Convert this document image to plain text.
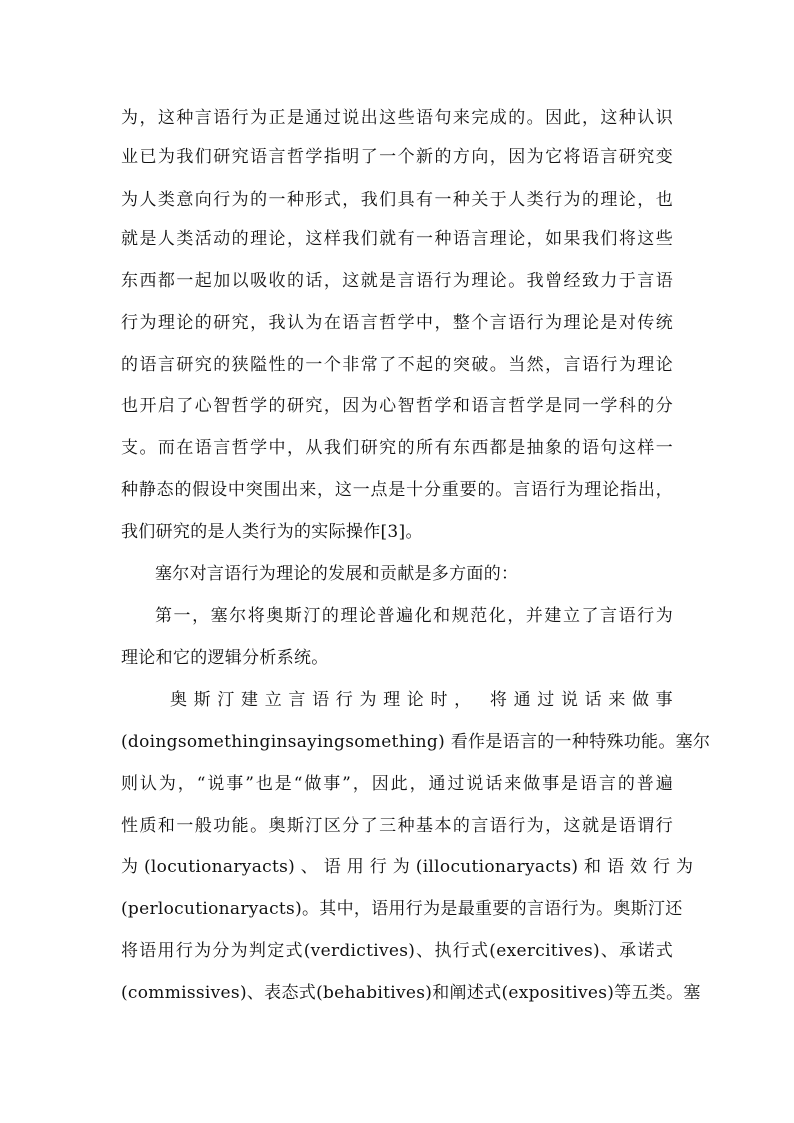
为，这种言语行为正是通过说出这些语句来完成的。因此，这种认识
业已为我们研究语言哲学指明了一个新的方向，因为它将语言研究变
为人类意向行为的一种形式，我们具有一种关于人类行为的理论，也
就是人类活动的理论，这样我们就有一种语言理论，如果我们将这些
东西都一起加以吸收的话，这就是言语行为理论。我曾经致力于言语
行为理论的研究，我认为在语言哲学中，整个言语行为理论是对传统
的语言研究的狭隘性的一个非常了不起的突破。当然，言语行为理论
也开启了心智哲学的研究，因为心智哲学和语言哲学是同一学科的分
支。而在语言哲学中，从我们研究的所有东西都是抽象的语句这样一
种静态的假设中突围出来，这一点是十分重要的。言语行为理论指出，
我们研究的是人类行为的实际操作[3]。
塞尔对言语行为理论的发展和贡献是多方面的：
第一，塞尔将奥斯汀的理论普遍化和规范化，并建立了言语行为
理论和它的逻辑分析系统。
奥斯汀建立言语行为理论时， 将通过说话来做事
(doingsomethinginsayingsomething) 看作是语言的一种特殊功能。塞尔
则认为，“说事”也是“做事”，因此，通过说话来做事是语言的普遍
性质和一般功能。奥斯汀区分了三种基本的言语行为，这就是语谓行
为 (locutionaryacts) 、 语 用 行 为 (illocutionaryacts) 和 语 效 行 为
(perlocutionaryacts)。其中，语用行为是最重要的言语行为。奥斯汀还
将语用行为分为判定式(verdictives)、执行式(exercitives)、承诺式
(commissives)、表态式(behabitives)和阐述式(expositives)等五类。塞
